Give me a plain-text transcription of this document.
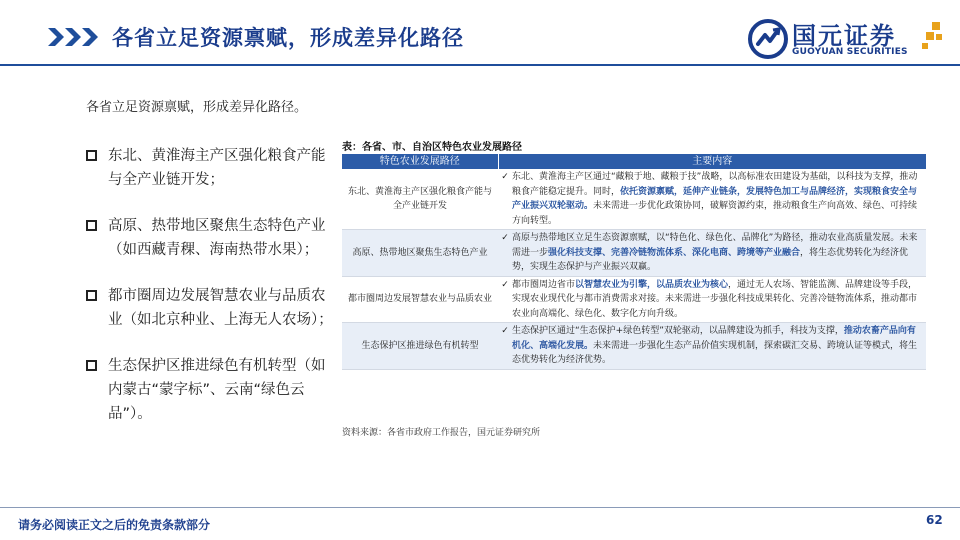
各省立足资源禀赋，形成差异化路径	国元证券
GUOYUAN SECURITIES
各省立足资源禀赋，形成差异化路径。
东北、黄淮海主产区强化粮食产能与全产业链开发；
高原、热带地区聚焦生态特色产业（如西藏青稞、海南热带水果）；
都市圈周边发展智慧农业与品质农业（如北京种业、上海无人农场）；
生态保护区推进绿色有机转型（如内蒙古“蒙字标”、云南“绿色云品”）。
表：各省、市、自治区特色农业发展路径
特色农业发展路径	主要内容
东北、黄淮海主产区强化粮食产能与全产业链开发	✓ 东北、黄淮海主产区通过“藏粮于地、藏粮于技”战略，以高标准农田建设为基础，以科技为支撑，推动粮食产能稳定提升。同时，依托资源禀赋，延伸产业链条，发展特色加工与品牌经济，实现粮食安全与产业振兴双轮驱动。未来需进一步优化政策协同，破解资源约束，推动粮食生产向高效、绿色、可持续方向转型。

高原、热带地区聚焦生态特色产业	✓ 高原与热带地区立足生态资源禀赋，以“特色化、绿色化、品牌化”为路径，推动农业高质量发展。未来需进一步强化科技支撑、完善冷链物流体系、深化电商、跨境等产业融合，将生态优势转化为经济优势，实现生态保护与产业振兴双赢。

都市圈周边发展智慧农业与品质农业	✓ 都市圈周边省市以智慧农业为引擎，以品质农业为核心，通过无人农场、智能监测、品牌建设等手段，实现农业现代化与都市消费需求对接。未来需进一步强化科技成果转化、完善冷链物流体系，推动都市农业向高端化、绿色化、数字化方向升级。

生态保护区推进绿色有机转型	✓ 生态保护区通过“生态保护+绿色转型”双轮驱动，以品牌建设为抓手，科技为支撑，推动农畜产品向有机化、高端化发展。未来需进一步强化生态产品价值实现机制，探索碳汇交易、跨境认证等模式，将生态优势转化为经济优势。
资料来源：各省市政府工作报告，国元证券研究所
请务必阅读正文之后的免责条款部分	62
